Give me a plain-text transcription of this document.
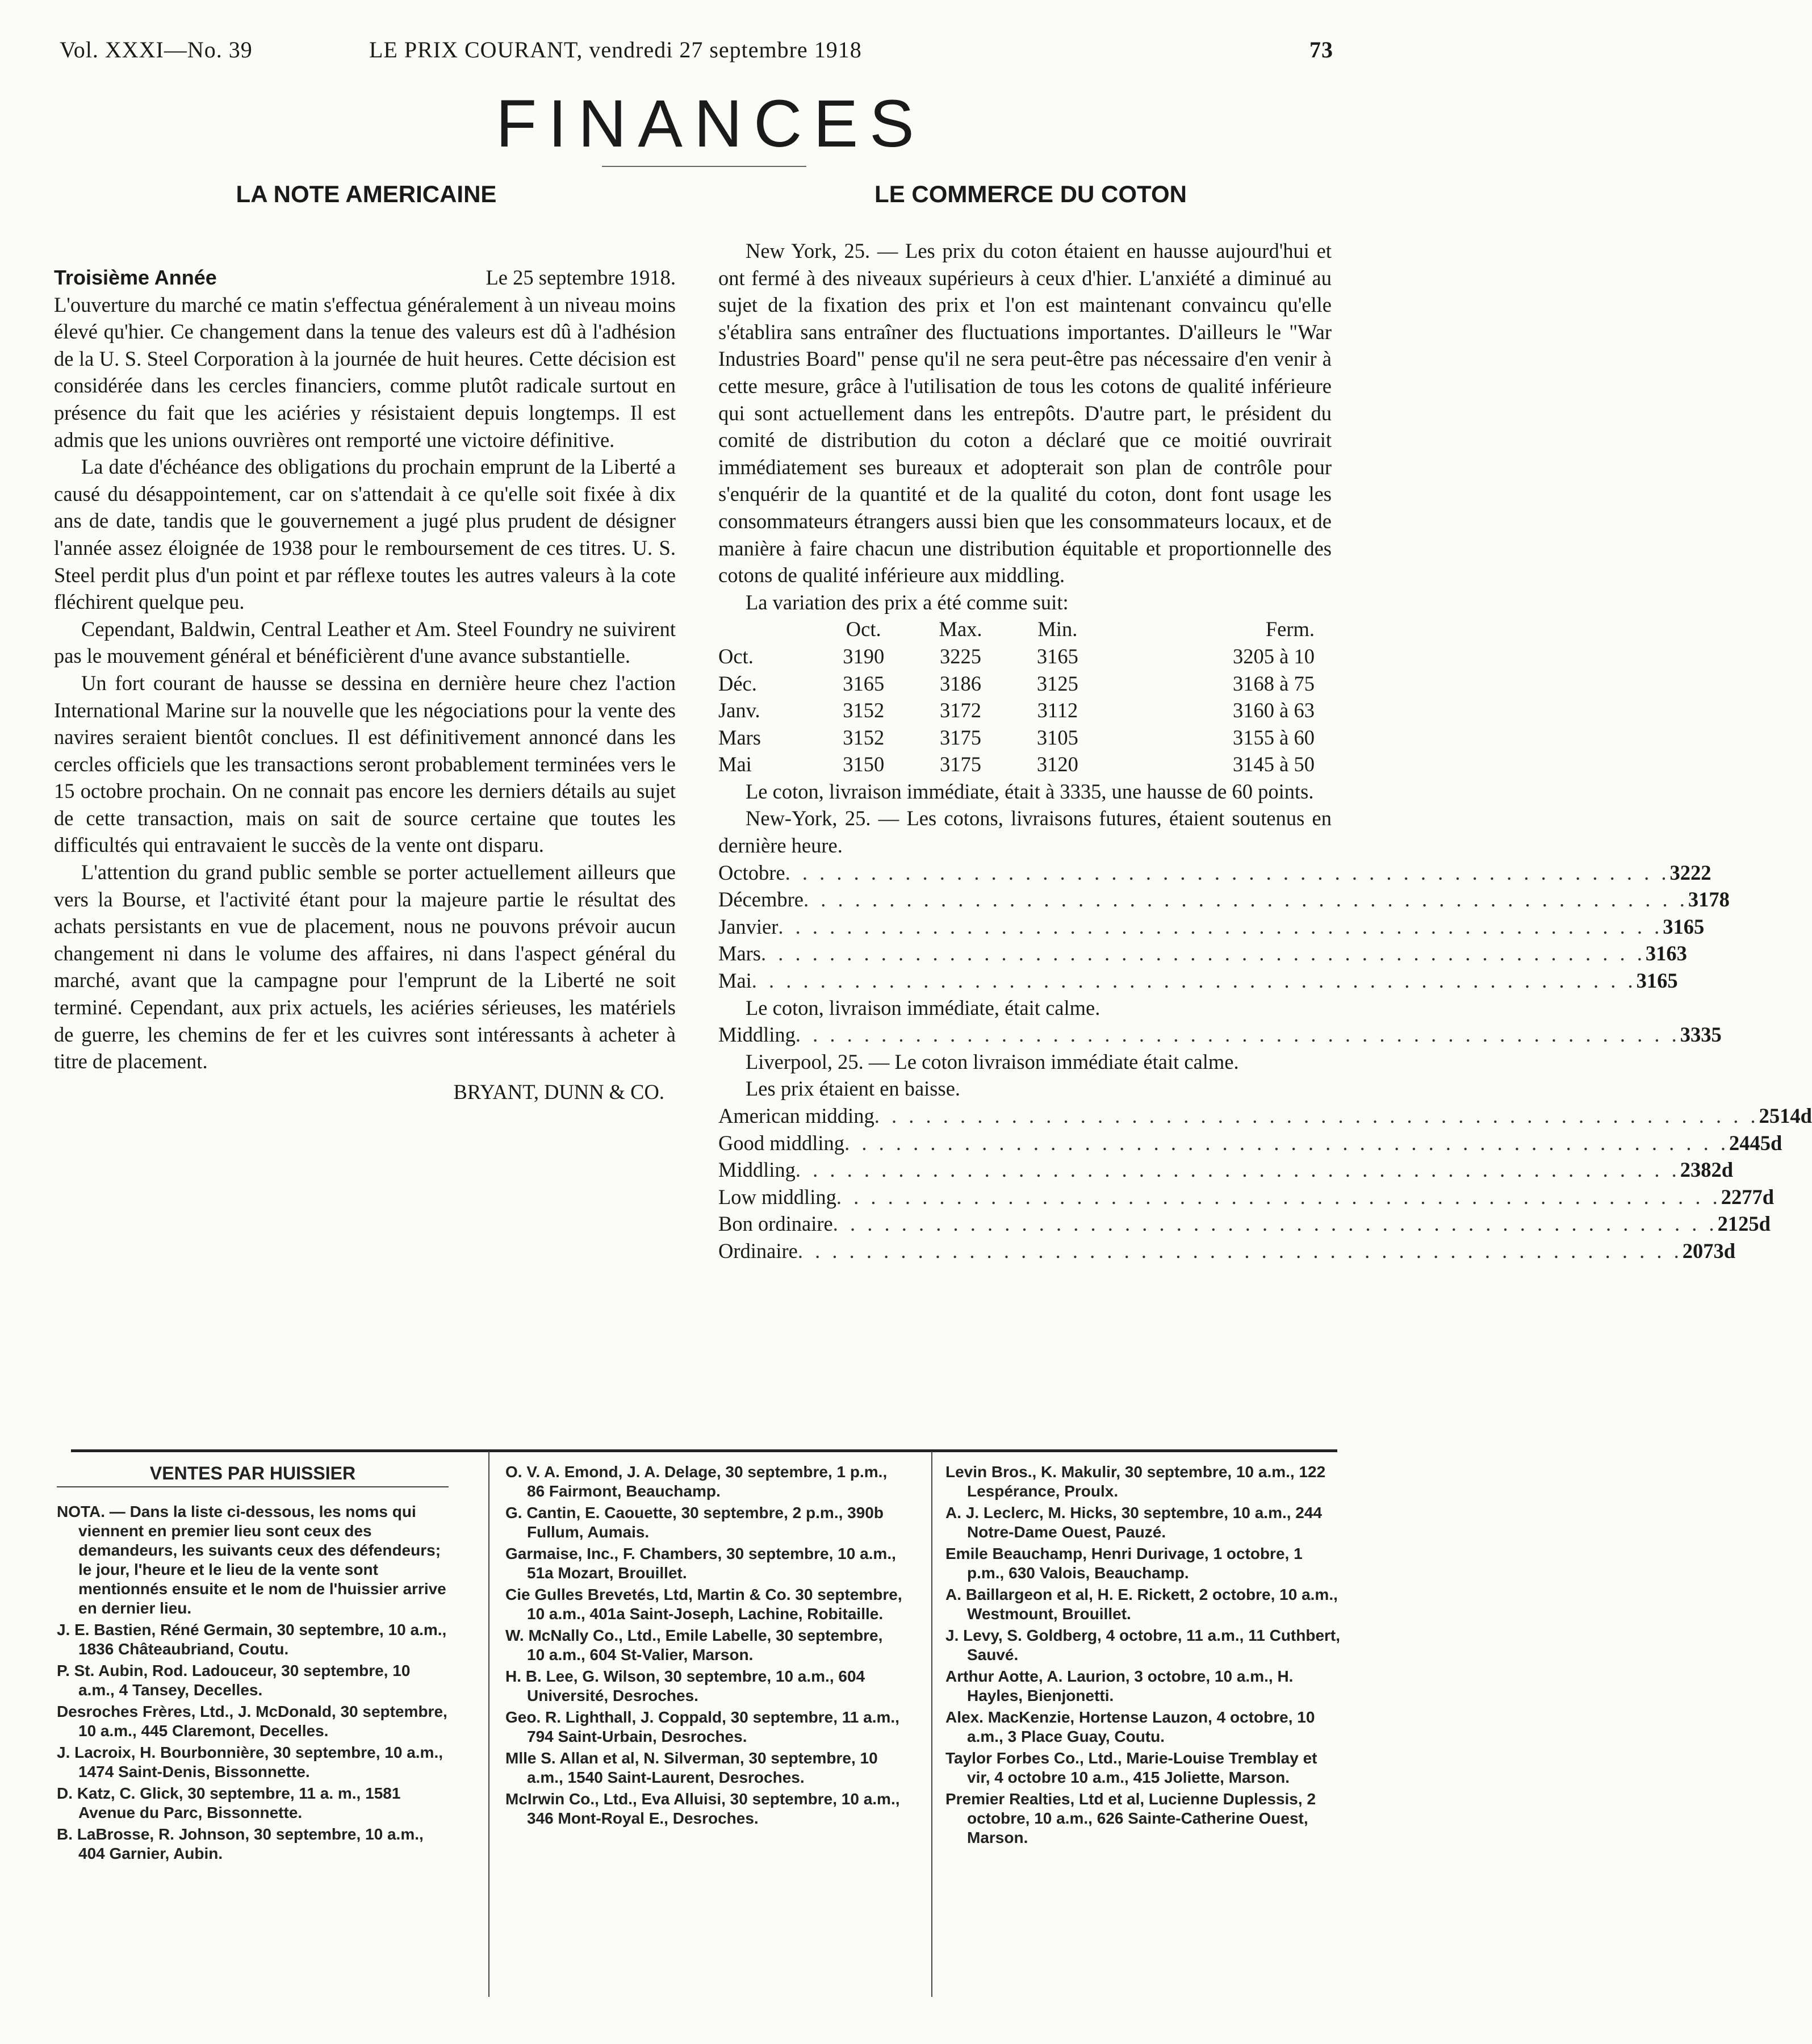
Vol. XXXI—No. 39	LE PRIX COURANT, vendredi 27 septembre 1918	73
FINANCES
LA NOTE AMERICAINE	LE COMMERCE DU COTON
Troisième Année	Le 25 septembre 1918.

L'ouverture du marché ce matin s'effectua généralement à un niveau moins élevé qu'hier. Ce changement dans la tenue des valeurs est dû à l'adhésion de la U. S. Steel Corporation à la journée de huit heures. Cette décision est considérée dans les cercles financiers, comme plutôt radicale surtout en présence du fait que les aciéries y résistaient depuis longtemps. Il est admis que les unions ouvrières ont remporté une victoire définitive.

La date d'échéance des obligations du prochain emprunt de la Liberté a causé du désappointement, car on s'attendait à ce qu'elle soit fixée à dix ans de date, tandis que le gouvernement a jugé plus prudent de désigner l'année assez éloignée de 1938 pour le remboursement de ces titres. U. S. Steel perdit plus d'un point et par réflexe toutes les autres valeurs à la cote fléchirent quelque peu.

Cependant, Baldwin, Central Leather et Am. Steel Foundry ne suivirent pas le mouvement général et bénéficièrent d'une avance substantielle.

Un fort courant de hausse se dessina en dernière heure chez l'action International Marine sur la nouvelle que les négociations pour la vente des navires seraient bientôt conclues. Il est définitivement annoncé dans les cercles officiels que les transactions seront probablement terminées vers le 15 octobre prochain. On ne connait pas encore les derniers détails au sujet de cette transaction, mais on sait de source certaine que toutes les difficultés qui entravaient le succès de la vente ont disparu.

L'attention du grand public semble se porter actuellement ailleurs que vers la Bourse, et l'activité étant pour la majeure partie le résultat des achats persistants en vue de placement, nous ne pouvons prévoir aucun changement ni dans le volume des affaires, ni dans l'aspect général du marché, avant que la campagne pour l'emprunt de la Liberté ne soit terminé. Cependant, aux prix actuels, les aciéries sérieuses, les matériels de guerre, les chemins de fer et les cuivres sont intéressants à acheter à titre de placement.

BRYANT, DUNN & CO.

New York, 25. — Les prix du coton étaient en hausse aujourd'hui et ont fermé à des niveaux supérieurs à ceux d'hier. L'anxiété a diminué au sujet de la fixation des prix et l'on est maintenant convaincu qu'elle s'établira sans entraîner des fluctuations importantes. D'ailleurs le "War Industries Board" pense qu'il ne sera peut-être pas nécessaire d'en venir à cette mesure, grâce à l'utilisation de tous les cotons de qualité inférieure qui sont actuellement dans les entrepôts. D'autre part, le président du comité de distribution du coton a déclaré que ce moitié ouvrirait immédiatement ses bureaux et adopterait son plan de contrôle pour s'enquérir de la quantité et de la qualité du coton, dont font usage les consommateurs étrangers aussi bien que les consommateurs locaux, et de manière à faire chacun une distribution équitable et proportionnelle des cotons de qualité inférieure aux middling.

La variation des prix a été comme suit:

	Oct.	Max.	Min.	Ferm.
Oct.	3190	3225	3165	3205 à 10
Déc.	3165	3186	3125	3168 à 75
Janv.	3152	3172	3112	3160 à 63
Mars	3152	3175	3105	3155 à 60
Mai	3150	3175	3120	3145 à 50

Le coton, livraison immédiate, était à 3335, une hausse de 60 points.

New-York, 25. — Les cotons, livraisons futures, étaient soutenus en dernière heure.

Octobre . . . . . . . . . . . . . . . . . . . . . . . . . . . . . . . . . . . . . . . . . . . . . . . . . . . . 3222
Décembre . . . . . . . . . . . . . . . . . . . . . . . . . . . . . . . . . . . . . . . . . . . . . . . . . . . . 3178
Janvier . . . . . . . . . . . . . . . . . . . . . . . . . . . . . . . . . . . . . . . . . . . . . . . . . . . . 3165
Mars . . . . . . . . . . . . . . . . . . . . . . . . . . . . . . . . . . . . . . . . . . . . . . . . . . . . 3163
Mai . . . . . . . . . . . . . . . . . . . . . . . . . . . . . . . . . . . . . . . . . . . . . . . . . . . . 3165

Le coton, livraison immédiate, était calme.

Middling . . . . . . . . . . . . . . . . . . . . . . . . . . . . . . . . . . . . . . . . . . . . . . . . . . . . 3335

Liverpool, 25. — Le coton livraison immédiate était calme.

Les prix étaient en baisse.

American midding . . . . . . . . . . . . . . . . . . . . . . . . . . . . . . . . . . . . . . . . . . . . . . . . . . . . 2514d
Good middling . . . . . . . . . . . . . . . . . . . . . . . . . . . . . . . . . . . . . . . . . . . . . . . . . . . . 2445d
Middling . . . . . . . . . . . . . . . . . . . . . . . . . . . . . . . . . . . . . . . . . . . . . . . . . . . . 2382d
Low middling . . . . . . . . . . . . . . . . . . . . . . . . . . . . . . . . . . . . . . . . . . . . . . . . . . . . 2277d
Bon ordinaire . . . . . . . . . . . . . . . . . . . . . . . . . . . . . . . . . . . . . . . . . . . . . . . . . . . . 2125d
Ordinaire . . . . . . . . . . . . . . . . . . . . . . . . . . . . . . . . . . . . . . . . . . . . . . . . . . . . 2073d
VENTES PAR HUISSIER
NOTA. — Dans la liste ci-dessous, les noms qui viennent en premier lieu sont ceux des demandeurs, les suivants ceux des défendeurs; le jour, l'heure et le lieu de la vente sont mentionnés ensuite et le nom de l'huissier arrive en dernier lieu.
J. E. Bastien, Réné Germain, 30 septembre, 10 a.m., 1836 Châteaubriand, Coutu.
P. St. Aubin, Rod. Ladouceur, 30 septembre, 10 a.m., 4 Tansey, Decelles.
Desroches Frères, Ltd., J. McDonald, 30 septembre, 10 a.m., 445 Claremont, Decelles.
J. Lacroix, H. Bourbonnière, 30 septembre, 10 a.m., 1474 Saint-Denis, Bissonnette.
D. Katz, C. Glick, 30 septembre, 11 a. m., 1581 Avenue du Parc, Bissonnette.
B. LaBrosse, R. Johnson, 30 septembre, 10 a.m., 404 Garnier, Aubin.
O. V. A. Emond, J. A. Delage, 30 septembre, 1 p.m., 86 Fairmont, Beauchamp.
G. Cantin, E. Caouette, 30 septembre, 2 p.m., 390b Fullum, Aumais.
Garmaise, Inc., F. Chambers, 30 septembre, 10 a.m., 51a Mozart, Brouillet.
Cie Gulles Brevetés, Ltd, Martin & Co. 30 septembre, 10 a.m., 401a Saint-Joseph, Lachine, Robitaille.
W. McNally Co., Ltd., Emile Labelle, 30 septembre, 10 a.m., 604 St-Valier, Marson.
H. B. Lee, G. Wilson, 30 septembre, 10 a.m., 604 Université, Desroches.
Geo. R. Lighthall, J. Coppald, 30 septembre, 11 a.m., 794 Saint-Urbain, Desroches.
Mlle S. Allan et al, N. Silverman, 30 septembre, 10 a.m., 1540 Saint-Laurent, Desroches.
McIrwin Co., Ltd., Eva Alluisi, 30 septembre, 10 a.m., 346 Mont-Royal E., Desroches.
Levin Bros., K. Makulir, 30 septembre, 10 a.m., 122 Lespérance, Proulx.
A. J. Leclerc, M. Hicks, 30 septembre, 10 a.m., 244 Notre-Dame Ouest, Pauzé.
Emile Beauchamp, Henri Durivage, 1 octobre, 1 p.m., 630 Valois, Beauchamp.
A. Baillargeon et al, H. E. Rickett, 2 octobre, 10 a.m., Westmount, Brouillet.
J. Levy, S. Goldberg, 4 octobre, 11 a.m., 11 Cuthbert, Sauvé.
Arthur Aotte, A. Laurion, 3 octobre, 10 a.m., H. Hayles, Bienjonetti.
Alex. MacKenzie, Hortense Lauzon, 4 octobre, 10 a.m., 3 Place Guay, Coutu.
Taylor Forbes Co., Ltd., Marie-Louise Tremblay et vir, 4 octobre 10 a.m., 415 Joliette, Marson.
Premier Realties, Ltd et al, Lucienne Duplessis, 2 octobre, 10 a.m., 626 Sainte-Catherine Ouest, Marson.
